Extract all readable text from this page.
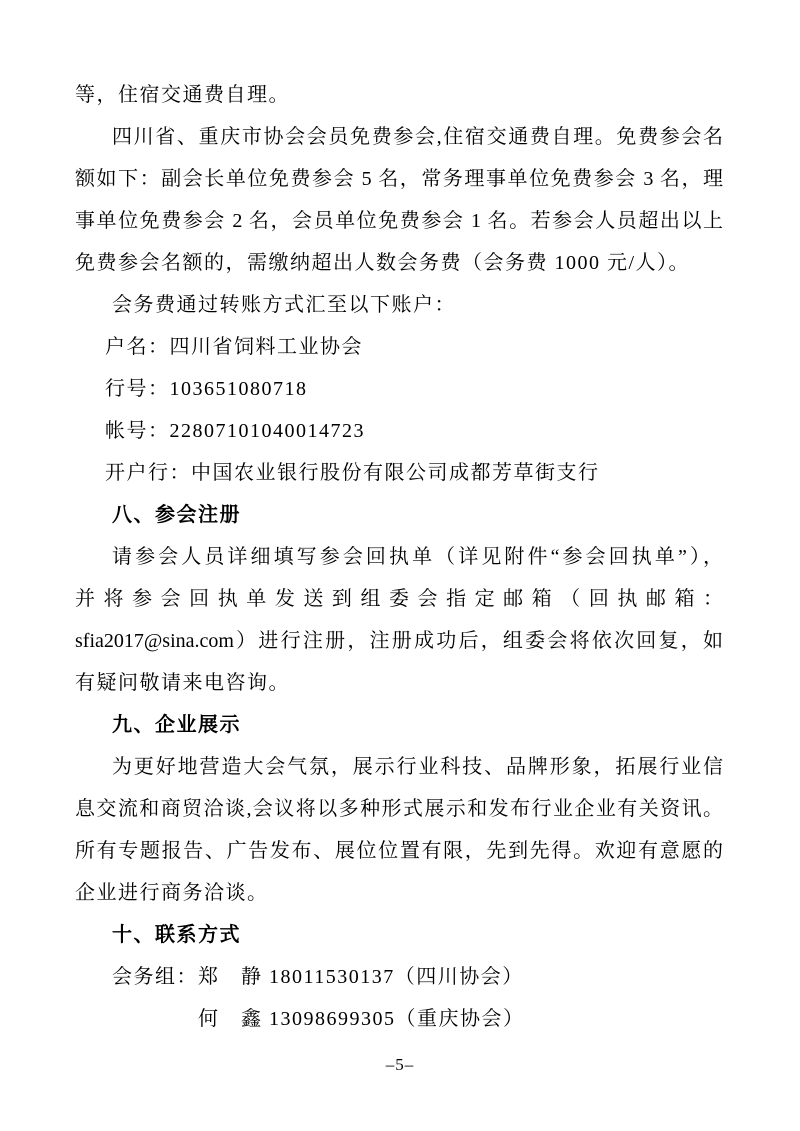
等，住宿交通费自理。

四川省、重庆市协会会员免费参会,住宿交通费自理。免费参会名

额如下：副会长单位免费参会 5 名，常务理事单位免费参会 3 名，理

事单位免费参会 2 名，会员单位免费参会 1 名。若参会人员超出以上

免费参会名额的，需缴纳超出人数会务费（会务费 1000 元/人）。

会务费通过转账方式汇至以下账户：

户名：四川省饲料工业协会

行号：103651080718

帐号：22807101040014723

开户行：中国农业银行股份有限公司成都芳草街支行

八、参会注册

请参会人员详细填写参会回执单（详见附件“参会回执单”），

并将参会回执单发送到组委会指定邮箱（回执邮箱：

sfia2017@sina.com）进行注册，注册成功后，组委会将依次回复，如

有疑问敬请来电咨询。

九、企业展示

为更好地营造大会气氛，展示行业科技、品牌形象，拓展行业信

息交流和商贸洽谈,会议将以多种形式展示和发布行业企业有关资讯。

所有专题报告、广告发布、展位位置有限，先到先得。欢迎有意愿的

企业进行商务洽谈。

十、联系方式

会务组：郑　静 18011530137（四川协会）

何　鑫 13098699305（重庆协会）

–5–
